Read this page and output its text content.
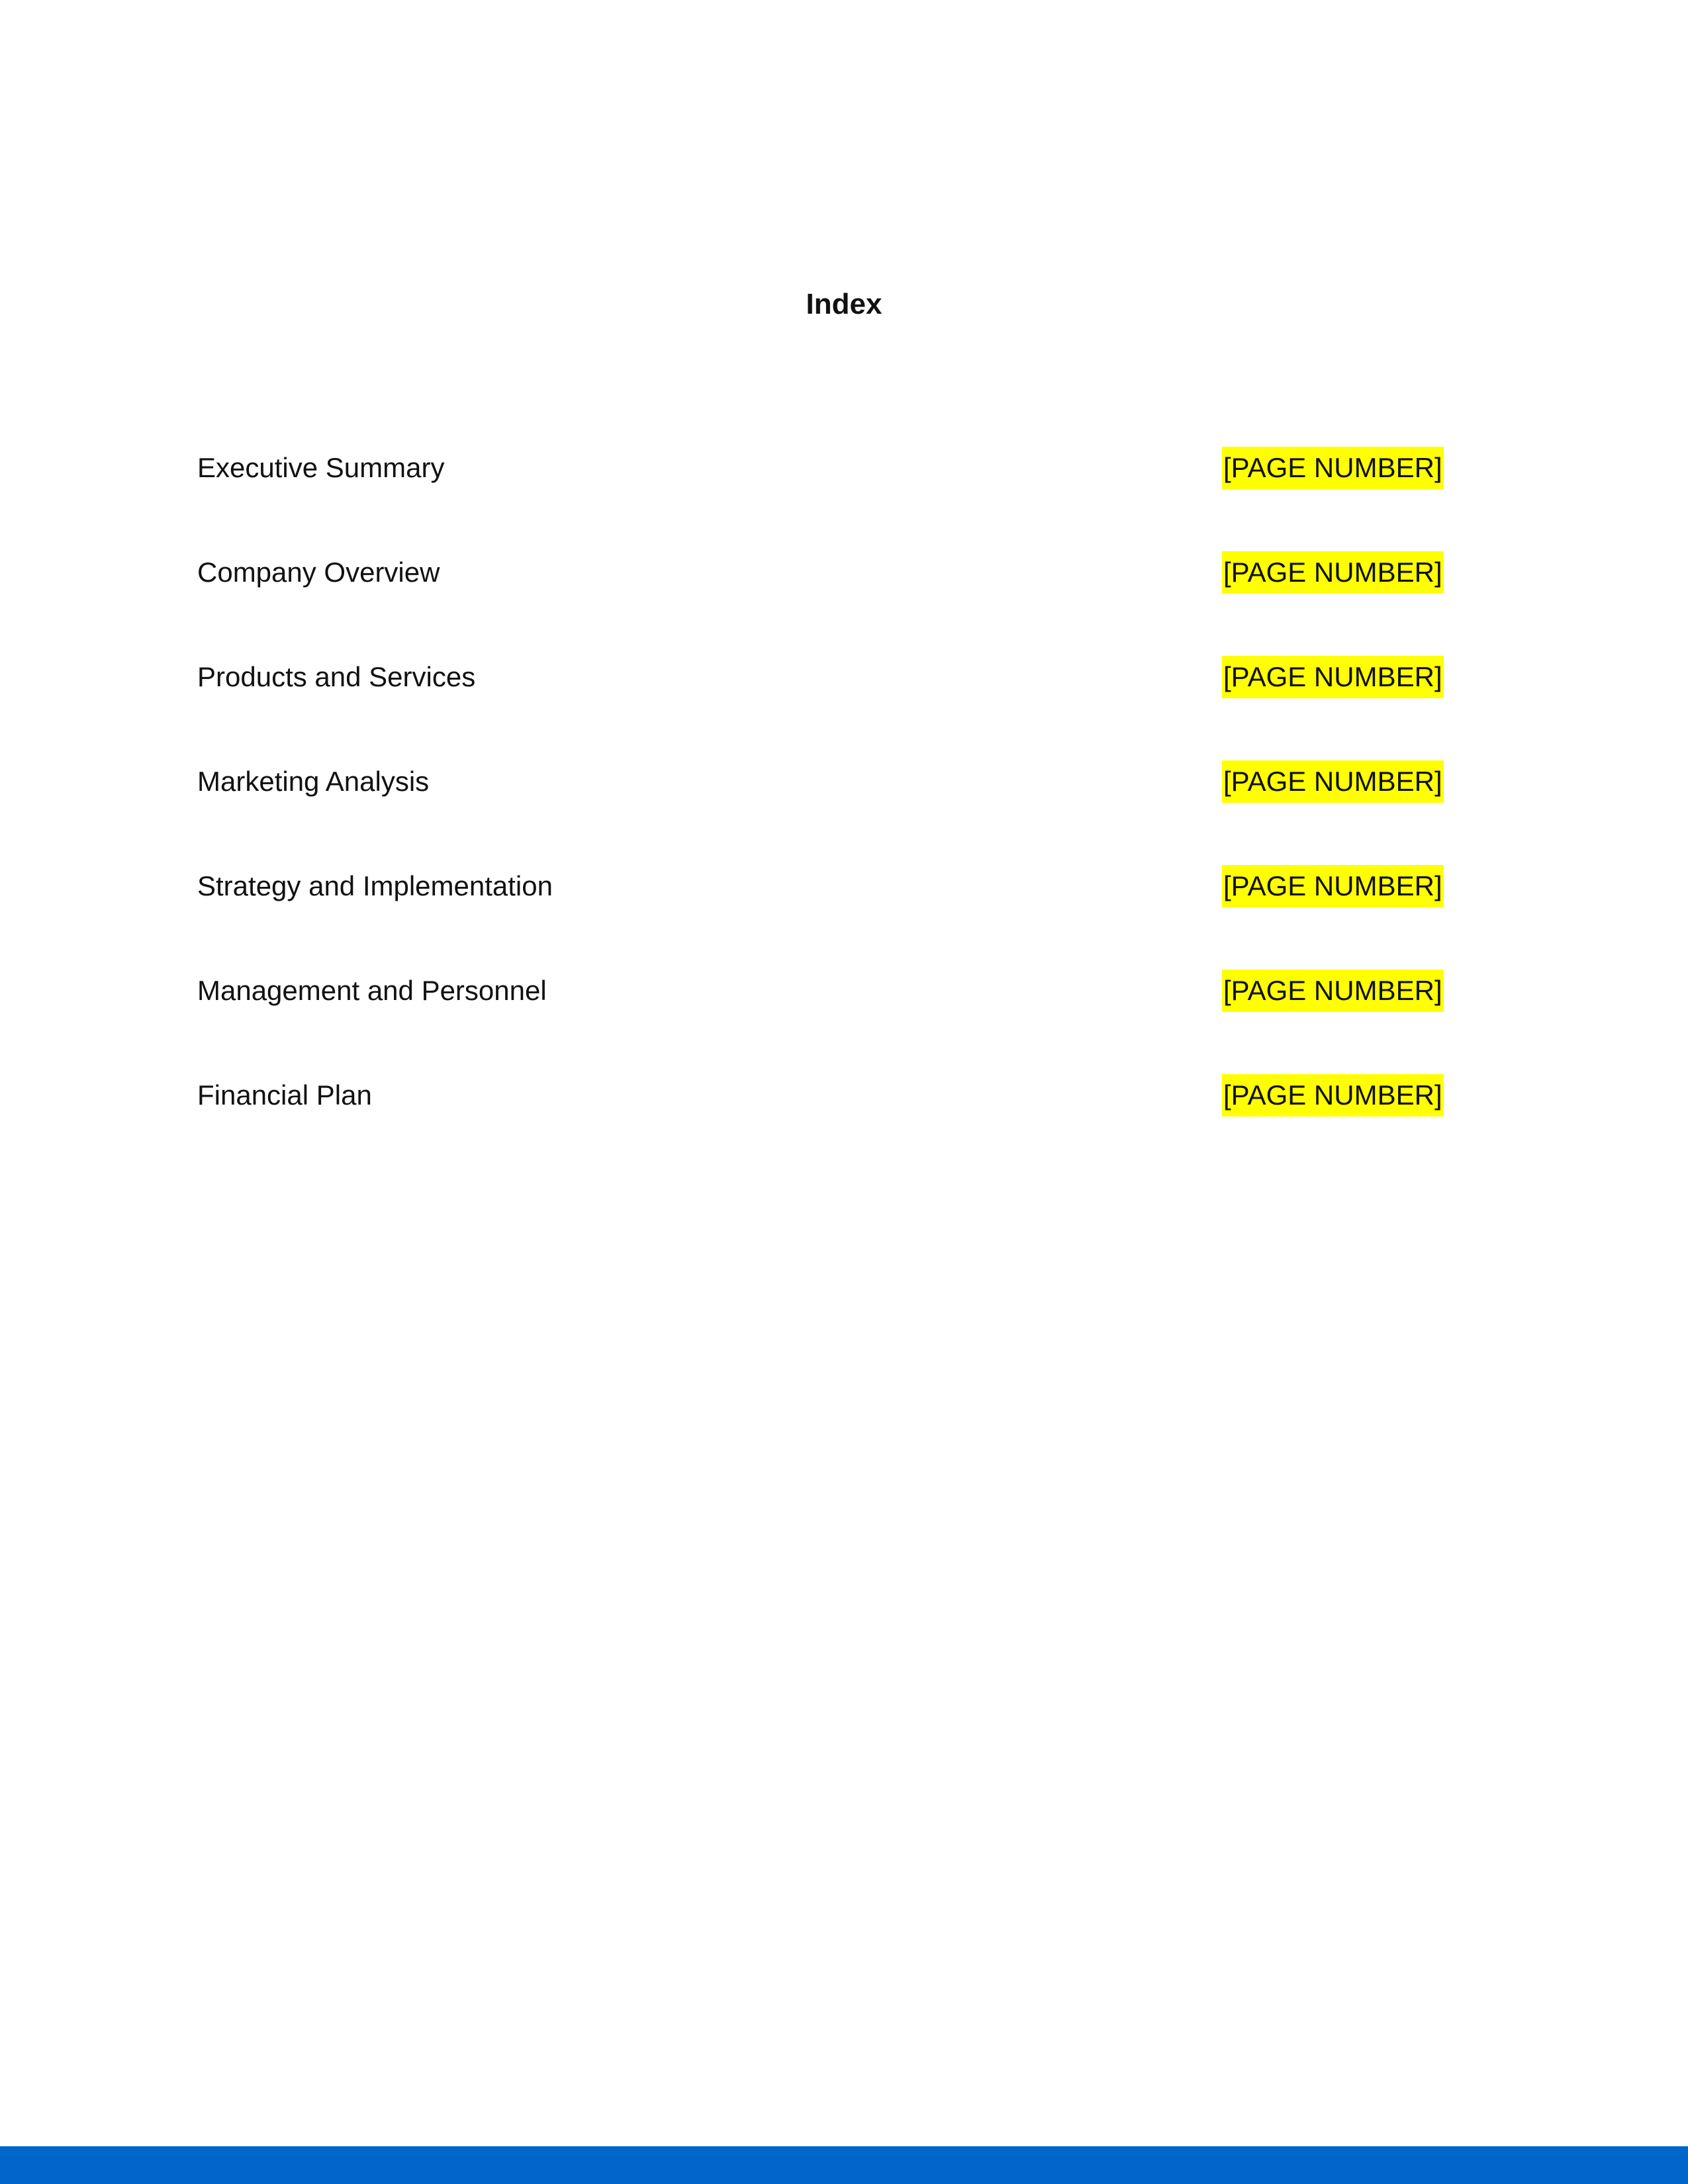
Index
Executive Summary	[PAGE NUMBER]
Company Overview	[PAGE NUMBER]
Products and Services	[PAGE NUMBER]
Marketing Analysis	[PAGE NUMBER]
Strategy and Implementation	[PAGE NUMBER]
Management and Personnel	[PAGE NUMBER]
Financial Plan	[PAGE NUMBER]
